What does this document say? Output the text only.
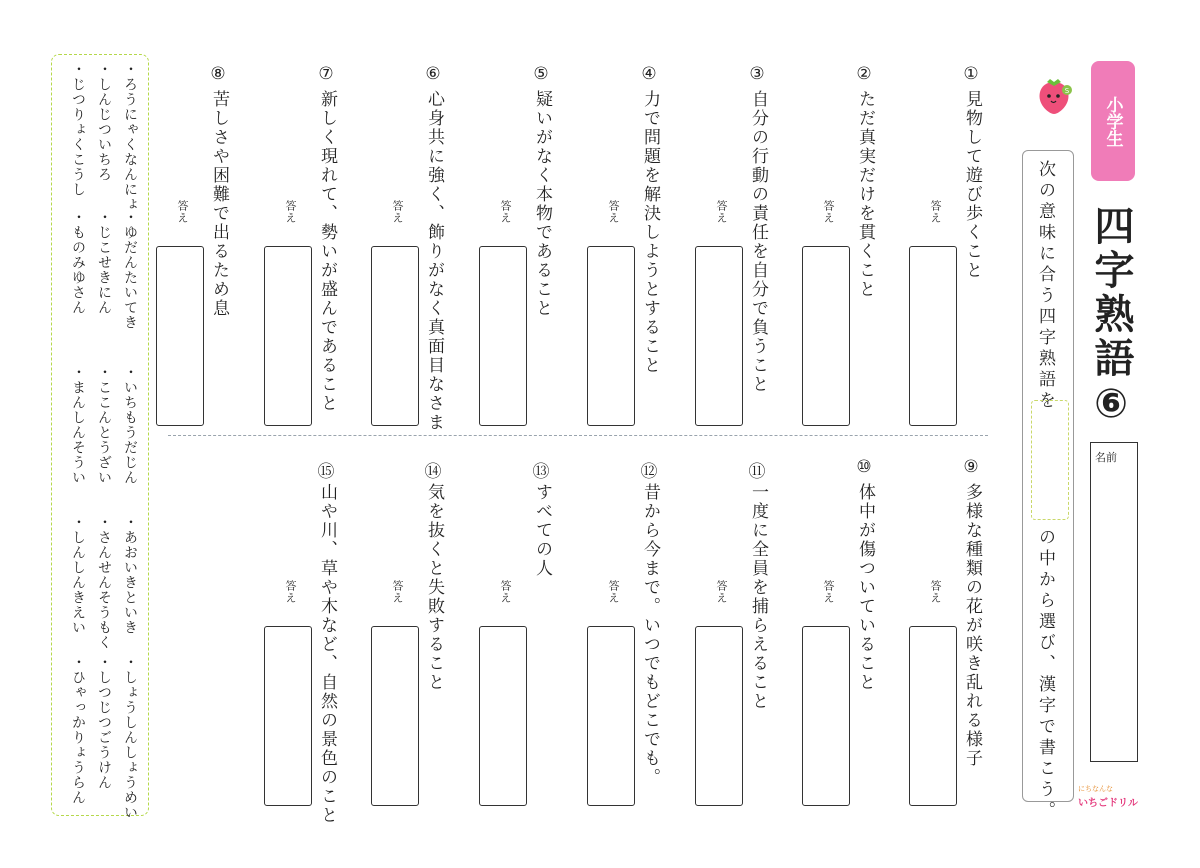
小学生
四字熟語⑥
名前
にちなんな
いちごドリル
次の意味に合う四字熟語を
の中から選び、漢字で書こう。
S
①
見物して遊び歩くこと
答え
②
ただ真実だけを貫くこと
答え
③
自分の行動の責任を自分で負うこと
答え
④
力で問題を解決しようとすること
答え
⑤
疑いがなく本物であること
答え
⑥
心身共に強く、飾りがなく真面目なさま
答え
⑦
新しく現れて、勢いが盛んであること
答え
⑧
苦しさや困難で出るため息
答え
⑨
多様な種類の花が咲き乱れる様子
答え
⑩
体中が傷ついていること
答え
⑪
一度に全員を捕らえること
答え
⑫
昔から今まで。いつでもどこでも。
答え
⑬
すべての人
答え
⑭
気を抜くと失敗すること
答え
⑮
山や川、草や木など、自然の景色のこと
答え
・ろうにゃくなんにょ
・しんじついちろ
・じつりょくこうし
・いちもうだじん
・ここんとうざい
・まんしんそうい
・あおいきといき
・さんせんそうもく
・しんしんきえい
・しょうしんしょうめい
・しつじつごうけん
・ひゃっかりょうらん
・ゆだんたいてき
・じこせきにん
・ものみゆさん
